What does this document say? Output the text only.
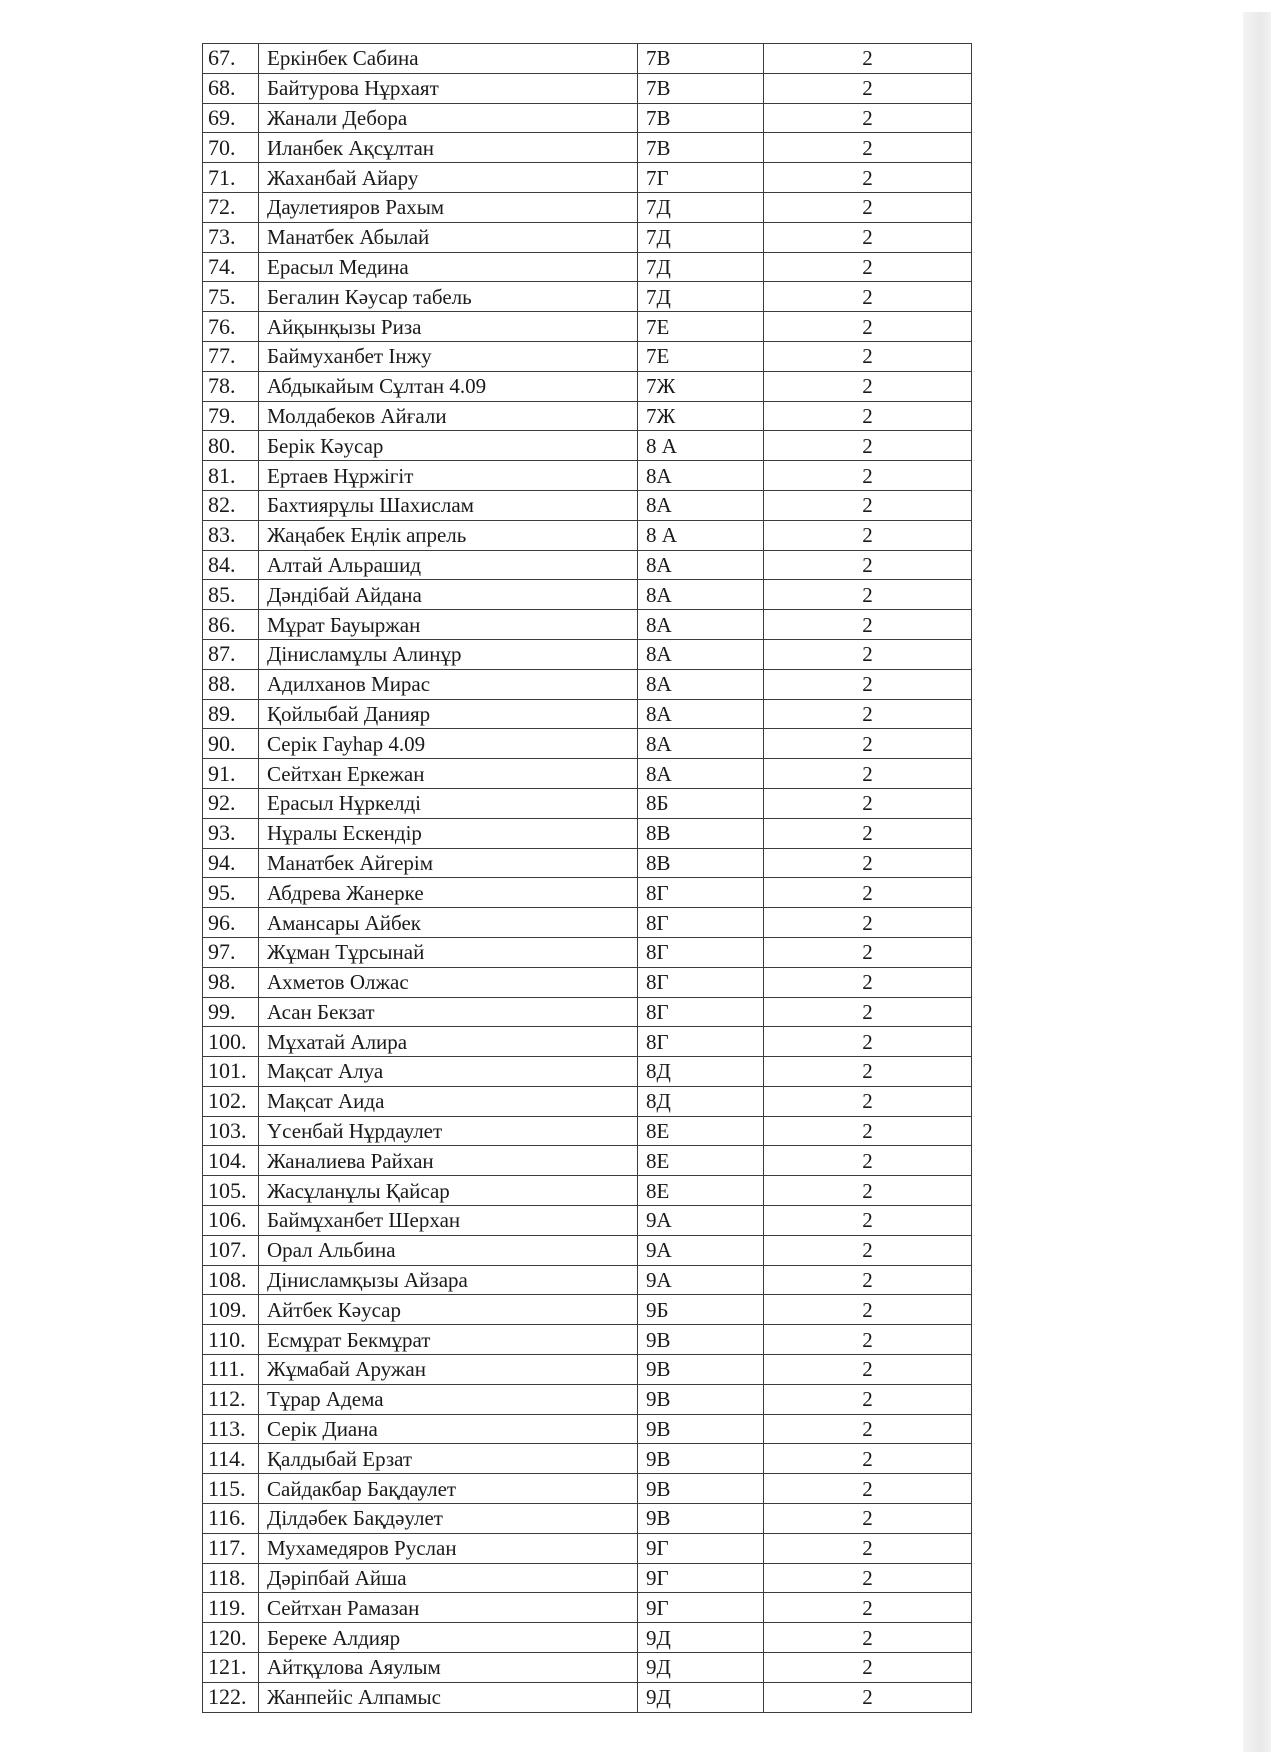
67.	Еркінбек Сабина	7В	2
68.	Байтурова Нұрхаят	7В	2
69.	Жанали Дебора	7В	2
70.	Иланбек Ақсұлтан	7В	2
71.	Жаханбай Айару	7Г	2
72.	Даулетияров Рахым	7Д	2
73.	Манатбек Абылай	7Д	2
74.	Ерасыл Медина	7Д	2
75.	Бегалин Кәусар табель	7Д	2
76.	Айқынқызы Риза	7Е	2
77.	Баймуханбет Інжу	7Е	2
78.	Абдыкайым Сұлтан 4.09	7Ж	2
79.	Молдабеков Айғали	7Ж	2
80.	Берік Кәусар	8 А	2
81.	Ертаев Нұржігіт	8А	2
82.	Бахтиярұлы Шахислам	8А	2
83.	Жаңабек Еңлік апрель	8 А	2
84.	Алтай Альрашид	8А	2
85.	Дәндібай Айдана	8А	2
86.	Мұрат Бауыржан	8А	2
87.	Дінисламұлы Алинұр	8А	2
88.	Адилханов Мирас	8А	2
89.	Қойлыбай Данияр	8А	2
90.	Серік Гауһар 4.09	8А	2
91.	Сейтхан Еркежан	8А	2
92.	Ерасыл Нұркелді	8Б	2
93.	Нұралы Ескендір	8В	2
94.	Манатбек Айгерім	8В	2
95.	Абдрева Жанерке	8Г	2
96.	Амансары Айбек	8Г	2
97.	Жұман Тұрсынай	8Г	2
98.	Ахметов Олжас	8Г	2
99.	Асан Бекзат	8Г	2
100.	Мұхатай Алира	8Г	2
101.	Мақсат Алуа	8Д	2
102.	Мақсат Аида	8Д	2
103.	Үсенбай Нұрдаулет	8Е	2
104.	Жаналиева Райхан	8Е	2
105.	Жасұланұлы Қайсар	8Е	2
106.	Баймұханбет Шерхан	9А	2
107.	Орал Альбина	9А	2
108.	Дінисламқызы Айзара	9А	2
109.	Айтбек Кәусар	9Б	2
110.	Есмұрат Бекмұрат	9В	2
111.	Жұмабай Аружан	9В	2
112.	Тұрар Адема	9В	2
113.	Серік Диана	9В	2
114.	Қалдыбай Ерзат	9В	2
115.	Сайдакбар Бақдаулет	9В	2
116.	Ділдәбек Бақдәулет	9В	2
117.	Мухамедяров Руслан	9Г	2
118.	Дәріпбай Айша	9Г	2
119.	Сейтхан Рамазан	9Г	2
120.	Береке Алдияр	9Д	2
121.	Айтқұлова Аяулым	9Д	2
122.	Жанпейіс Алпамыс	9Д	2
